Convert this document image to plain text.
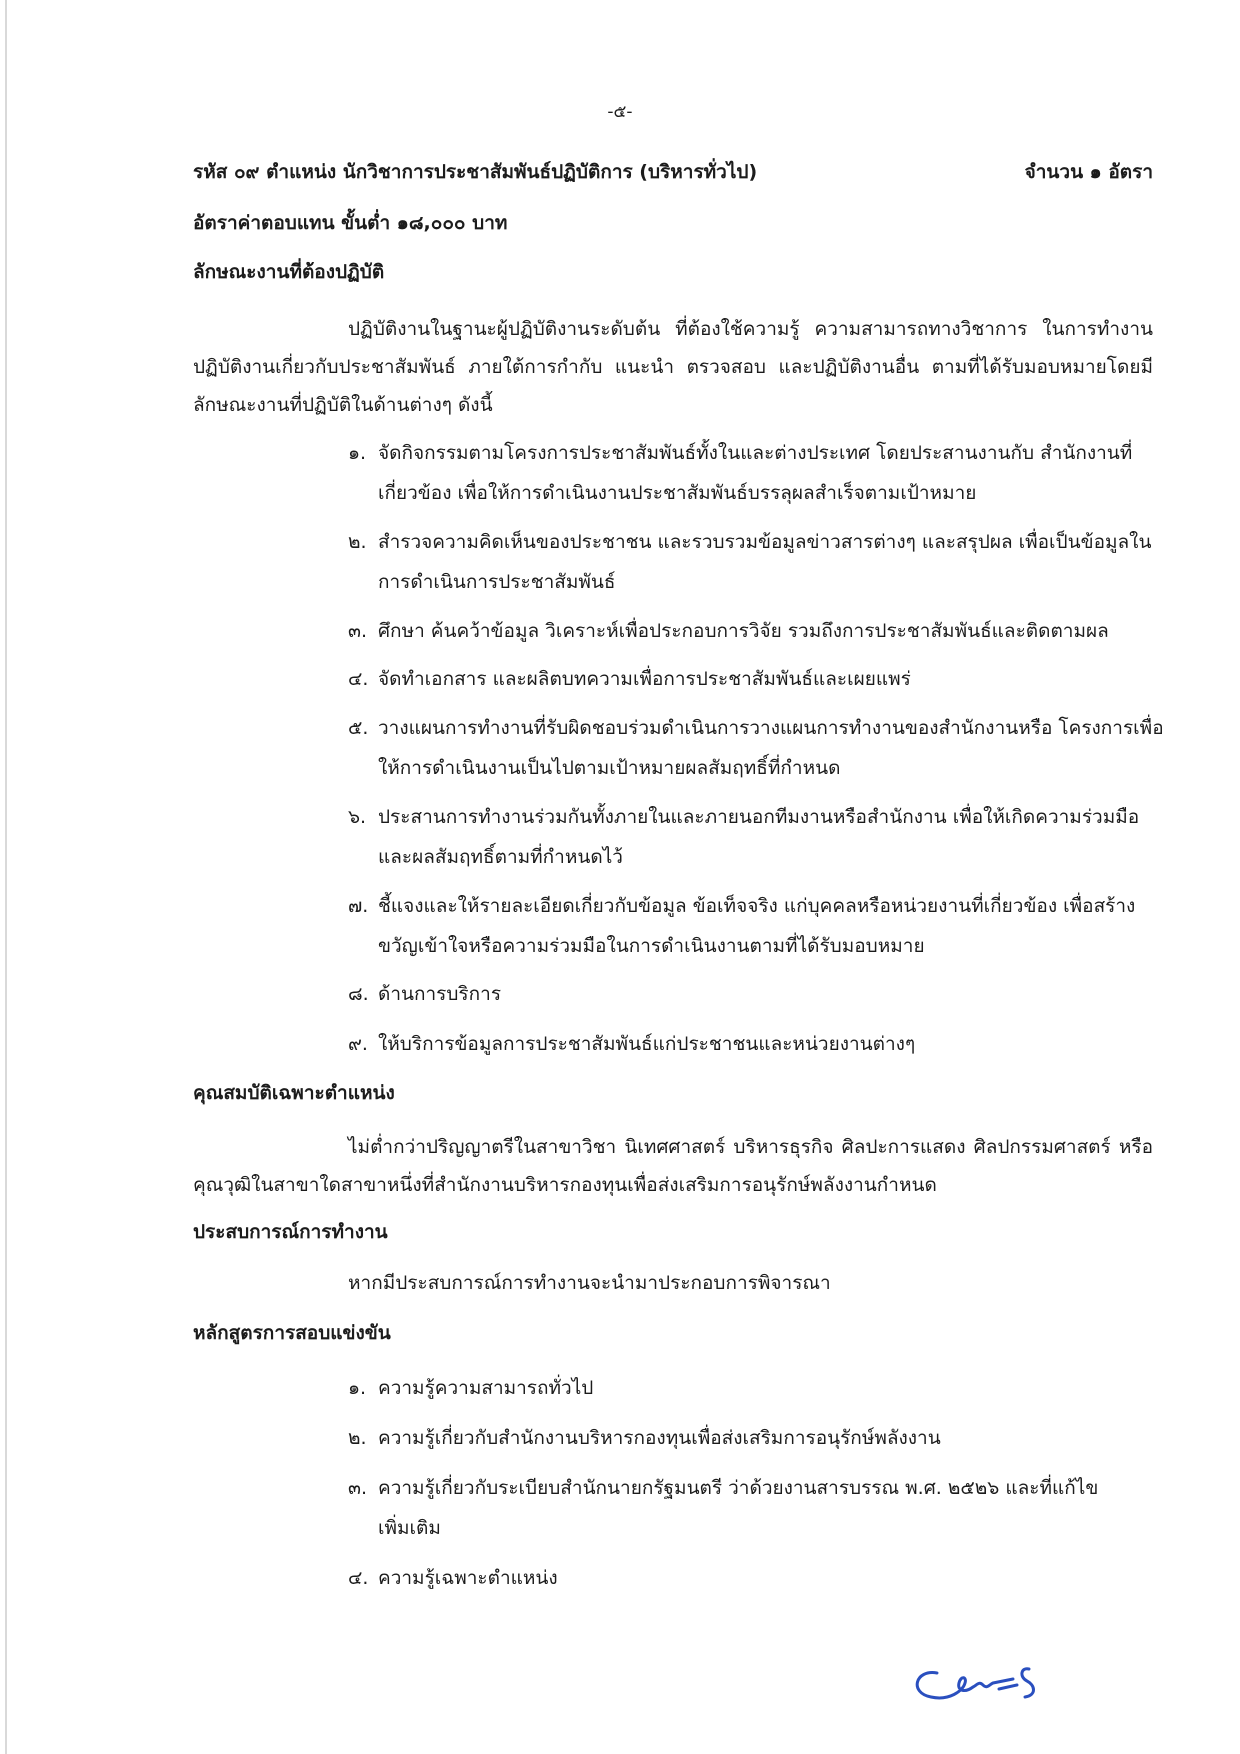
-๕-
รหัส ๐๙ ตำแหน่ง นักวิชาการประชาสัมพันธ์ปฏิบัติการ (บริหารทั่วไป)	จำนวน ๑ อัตรา
อัตราค่าตอบแทน ขั้นต่ำ ๑๘,๐๐๐ บาท
ลักษณะงานที่ต้องปฏิบัติ
ปฏิบัติงานในฐานะผู้ปฏิบัติงานระดับต้น ที่ต้องใช้ความรู้ ความสามารถทางวิชาการ ในการทำงานปฏิบัติงานเกี่ยวกับประชาสัมพันธ์ ภายใต้การกำกับ แนะนำ ตรวจสอบ และปฏิบัติงานอื่น ตามที่ได้รับมอบหมายโดยมีลักษณะงานที่ปฏิบัติในด้านต่างๆ ดังนี้
๑. จัดกิจกรรมตามโครงการประชาสัมพันธ์ทั้งในและต่างประเทศ โดยประสานงานกับ สำนักงานที่เกี่ยวข้อง เพื่อให้การดำเนินงานประชาสัมพันธ์บรรลุผลสำเร็จตามเป้าหมาย
๒. สำรวจความคิดเห็นของประชาชน และรวบรวมข้อมูลข่าวสารต่างๆ และสรุปผล เพื่อเป็นข้อมูลในการดำเนินการประชาสัมพันธ์
๓. ศึกษา ค้นคว้าข้อมูล วิเคราะห์เพื่อประกอบการวิจัย รวมถึงการประชาสัมพันธ์และติดตามผล
๔. จัดทำเอกสาร และผลิตบทความเพื่อการประชาสัมพันธ์และเผยแพร่
๕. วางแผนการทำงานที่รับผิดชอบร่วมดำเนินการวางแผนการทำงานของสำนักงานหรือ โครงการเพื่อให้การดำเนินงานเป็นไปตามเป้าหมายผลสัมฤทธิ์ที่กำหนด
๖. ประสานการทำงานร่วมกันทั้งภายในและภายนอกทีมงานหรือสำนักงาน เพื่อให้เกิดความร่วมมือ และผลสัมฤทธิ์ตามที่กำหนดไว้
๗. ชี้แจงและให้รายละเอียดเกี่ยวกับข้อมูล ข้อเท็จจริง แก่บุคคลหรือหน่วยงานที่เกี่ยวข้อง เพื่อสร้างขวัญเข้าใจหรือความร่วมมือในการดำเนินงานตามที่ได้รับมอบหมาย
๘. ด้านการบริการ
๙. ให้บริการข้อมูลการประชาสัมพันธ์แก่ประชาชนและหน่วยงานต่างๆ
คุณสมบัติเฉพาะตำแหน่ง
ไม่ต่ำกว่าปริญญาตรีในสาขาวิชา นิเทศศาสตร์ บริหารธุรกิจ ศิลปะการแสดง ศิลปกรรมศาสตร์ หรือคุณวุฒิในสาขาใดสาขาหนึ่งที่สำนักงานบริหารกองทุนเพื่อส่งเสริมการอนุรักษ์พลังงานกำหนด
ประสบการณ์การทำงาน
หากมีประสบการณ์การทำงานจะนำมาประกอบการพิจารณา
หลักสูตรการสอบแข่งขัน
๑. ความรู้ความสามารถทั่วไป
๒. ความรู้เกี่ยวกับสำนักงานบริหารกองทุนเพื่อส่งเสริมการอนุรักษ์พลังงาน
๓. ความรู้เกี่ยวกับระเบียบสำนักนายกรัฐมนตรี ว่าด้วยงานสารบรรณ พ.ศ. ๒๕๒๖ และที่แก้ไขเพิ่มเติม
๔. ความรู้เฉพาะตำแหน่ง
